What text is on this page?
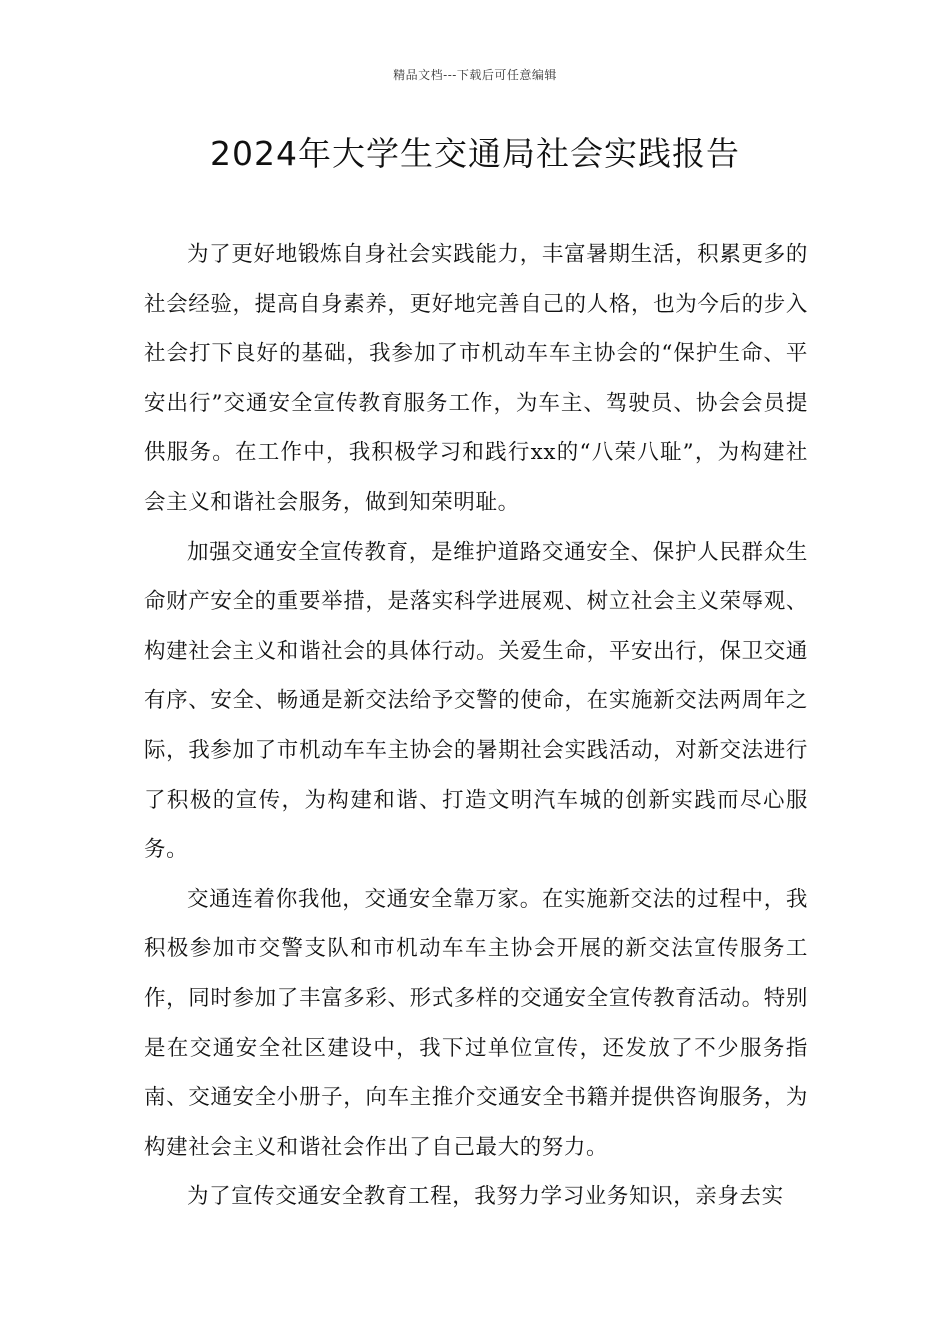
精品文档---下载后可任意编辑
2024年大学生交通局社会实践报告

为了更好地锻炼自身社会实践能力，丰富暑期生活，积累更多的社会经验，提高自身素养，更好地完善自己的人格，也为今后的步入社会打下良好的基础，我参加了市机动车车主协会的“保护生命、平安出行”交通安全宣传教育服务工作，为车主、驾驶员、协会会员提供服务。在工作中，我积极学习和践行xx的“八荣八耻”，为构建社会主义和谐社会服务，做到知荣明耻。

加强交通安全宣传教育，是维护道路交通安全、保护人民群众生命财产安全的重要举措，是落实科学进展观、树立社会主义荣辱观、构建社会主义和谐社会的具体行动。关爱生命，平安出行，保卫交通有序、安全、畅通是新交法给予交警的使命，在实施新交法两周年之际，我参加了市机动车车主协会的暑期社会实践活动，对新交法进行了积极的宣传，为构建和谐、打造文明汽车城的创新实践而尽心服务。

交通连着你我他，交通安全靠万家。在实施新交法的过程中，我积极参加市交警支队和市机动车车主协会开展的新交法宣传服务工作，同时参加了丰富多彩、形式多样的交通安全宣传教育活动。特别是在交通安全社区建设中，我下过单位宣传，还发放了不少服务指南、交通安全小册子，向车主推介交通安全书籍并提供咨询服务，为构建社会主义和谐社会作出了自己最大的努力。

为了宣传交通安全教育工程，我努力学习业务知识，亲身去实
